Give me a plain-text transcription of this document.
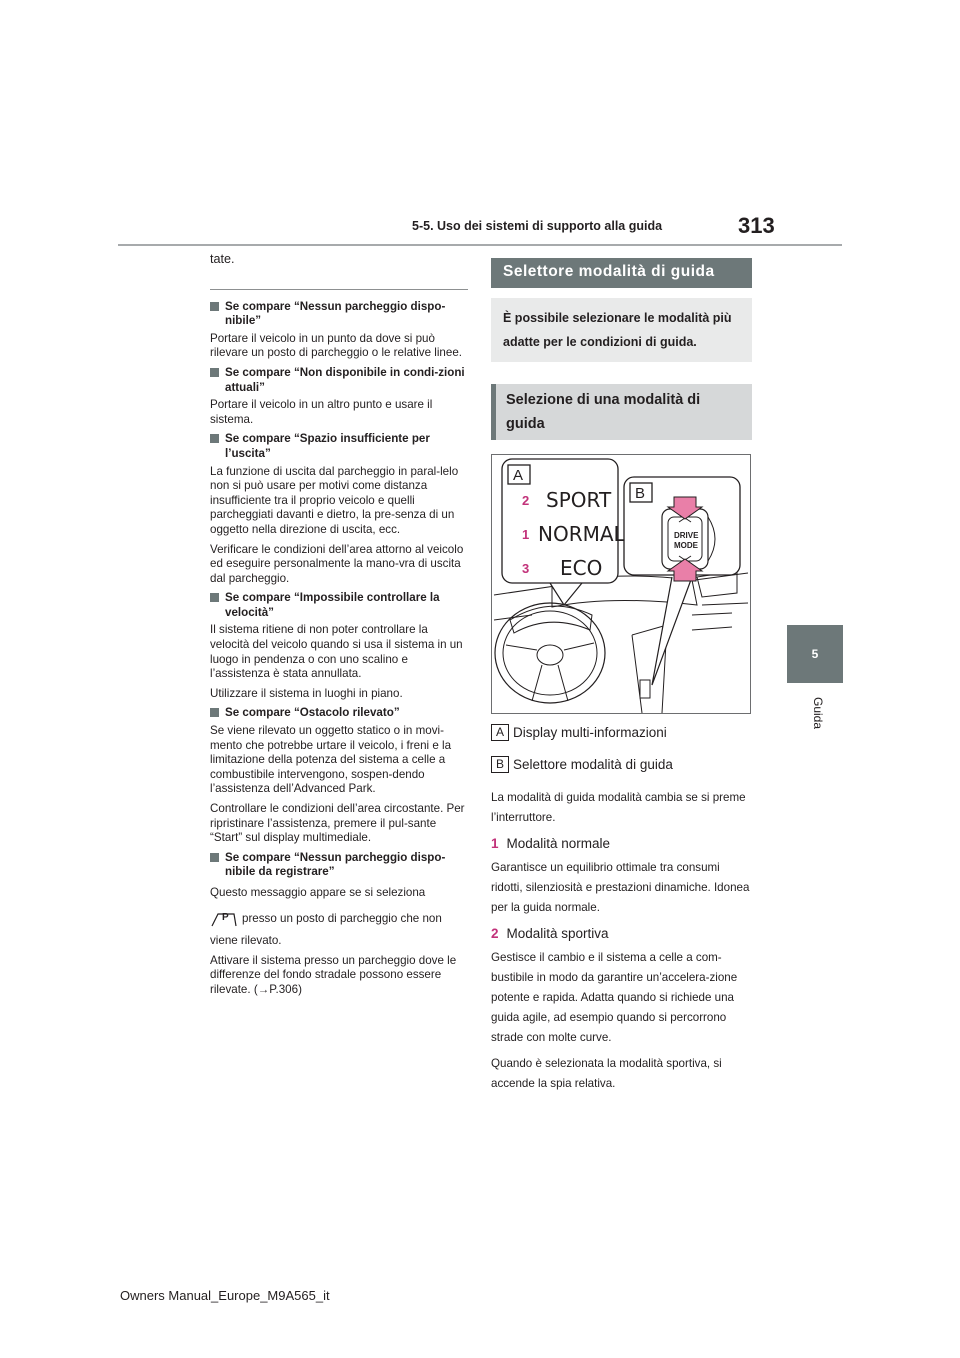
5-5. Uso dei sistemi di supporto alla guida	313
5
Guida

tate.

Se compare “Nessun parcheggio dispo-nibile”

Portare il veicolo in un punto da dove si può rilevare un posto di parcheggio o le relative linee.

Se compare “Non disponibile in condi-zioni attuali”

Portare il veicolo in un altro punto e usare il sistema.

Se compare “Spazio insufficiente per l’uscita”

La funzione di uscita dal parcheggio in paral-lelo non si può usare per motivi come distanza insufficiente tra il proprio veicolo e quelli parcheggiati davanti e dietro, la pre-senza di un oggetto nella direzione di uscita, ecc.

Verificare le condizioni dell’area attorno al veicolo ed eseguire personalmente la mano-vra di uscita dal parcheggio.

Se compare “Impossibile controllare la velocità”

Il sistema ritiene di non poter controllare la velocità del veicolo quando si usa il sistema in un luogo in pendenza o con uno scalino e l’assistenza è stata annullata.

Utilizzare il sistema in luoghi in piano.

Se compare “Ostacolo rilevato”

Se viene rilevato un oggetto statico o in movi-mento che potrebbe urtare il veicolo, i freni e la limitazione della potenza del sistema a celle a combustibile intervengono, sospen-dendo l’assistenza dell’Advanced Park.

Controllare le condizioni dell’area circostante. Per ripristinare l’assistenza, premere il pul-sante “Start” sul display multimediale.

Se compare “Nessun parcheggio dispo-nibile da registrare”

Questo messaggio appare se si seleziona

P presso un posto di parcheggio che non

viene rilevato.

Attivare il sistema presso un parcheggio dove le differenze del fondo stradale possono essere rilevate. (→P.306)

Selettore modalità di guida
È possibile selezionare le modalità più adatte per le condizioni di guida.
Selezione di una modalità di guida
A
B
2 SPORT
1 NORMAL
3 ECO
DRIVE
MODE
A Display multi-informazioni
B Selettore modalità di guida

La modalità di guida modalità cambia se si preme l’interruttore.

1 Modalità normale

Garantisce un equilibrio ottimale tra consumi ridotti, silenziosità e prestazioni dinamiche. Idonea per la guida normale.

2 Modalità sportiva

Gestisce il cambio e il sistema a celle a com-bustibile in modo da garantire un’accelera-zione potente e rapida. Adatta quando si richiede una guida agile, ad esempio quando si percorrono strade con molte curve.

Quando è selezionata la modalità sportiva, si accende la spia relativa.

Owners Manual_Europe_M9A565_it
